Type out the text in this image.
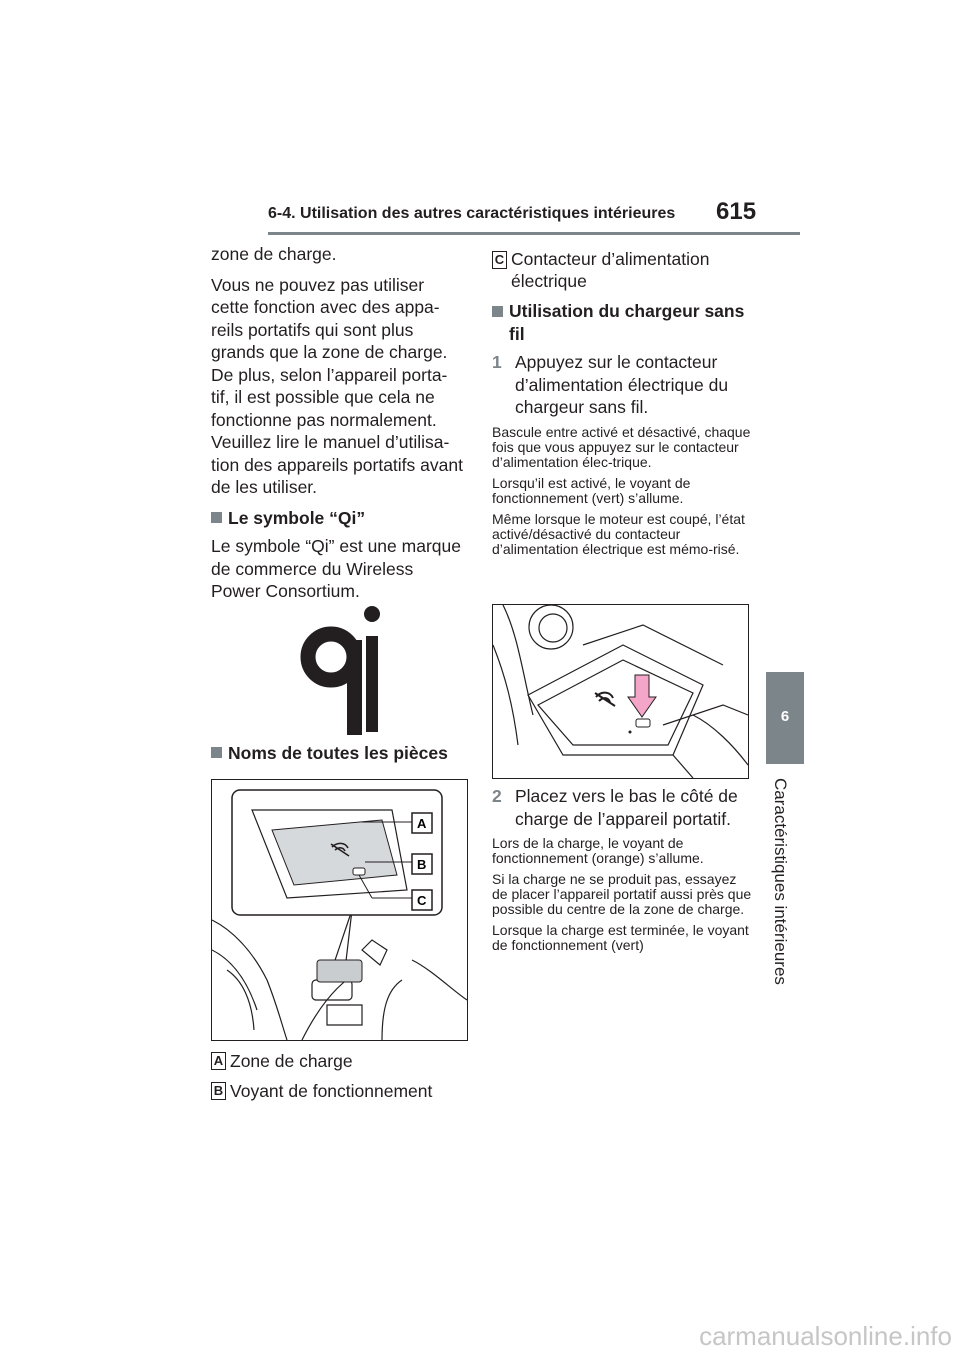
6-4. Utilisation des autres caractéristiques intérieures 615
6
Caractéristiques intérieures

zone de charge.

Vous ne pouvez pas utiliser cette fonction avec des appa-reils portatifs qui sont plus grands que la zone de charge. De plus, selon l’appareil porta-tif, il est possible que cela ne fonctionne pas normalement. Veuillez lire le manuel d’utilisa-tion des appareils portatifs avant de les utiliser.

Le symbole “Qi”

Le symbole “Qi” est une marque de commerce du Wireless Power Consortium.

Noms de toutes les pièces

A
B
C

A Zone de charge

B Voyant de fonctionnement

C Contacteur d’alimentation électrique

Utilisation du chargeur sans fil

1 Appuyez sur le contacteur d’alimentation électrique du chargeur sans fil.

Bascule entre activé et désactivé, chaque fois que vous appuyez sur le contacteur d’alimentation élec-trique.

Lorsqu’il est activé, le voyant de fonctionnement (vert) s’allume.

Même lorsque le moteur est coupé, l’état activé/désactivé du contacteur d’alimentation électrique est mémo-risé.

2 Placez vers le bas le côté de charge de l’appareil portatif.

Lors de la charge, le voyant de fonctionnement (orange) s’allume.

Si la charge ne se produit pas, essayez de placer l’appareil portatif aussi près que possible du centre de la zone de charge.

Lorsque la charge est terminée, le voyant de fonctionnement (vert)

carmanualsonline.info
